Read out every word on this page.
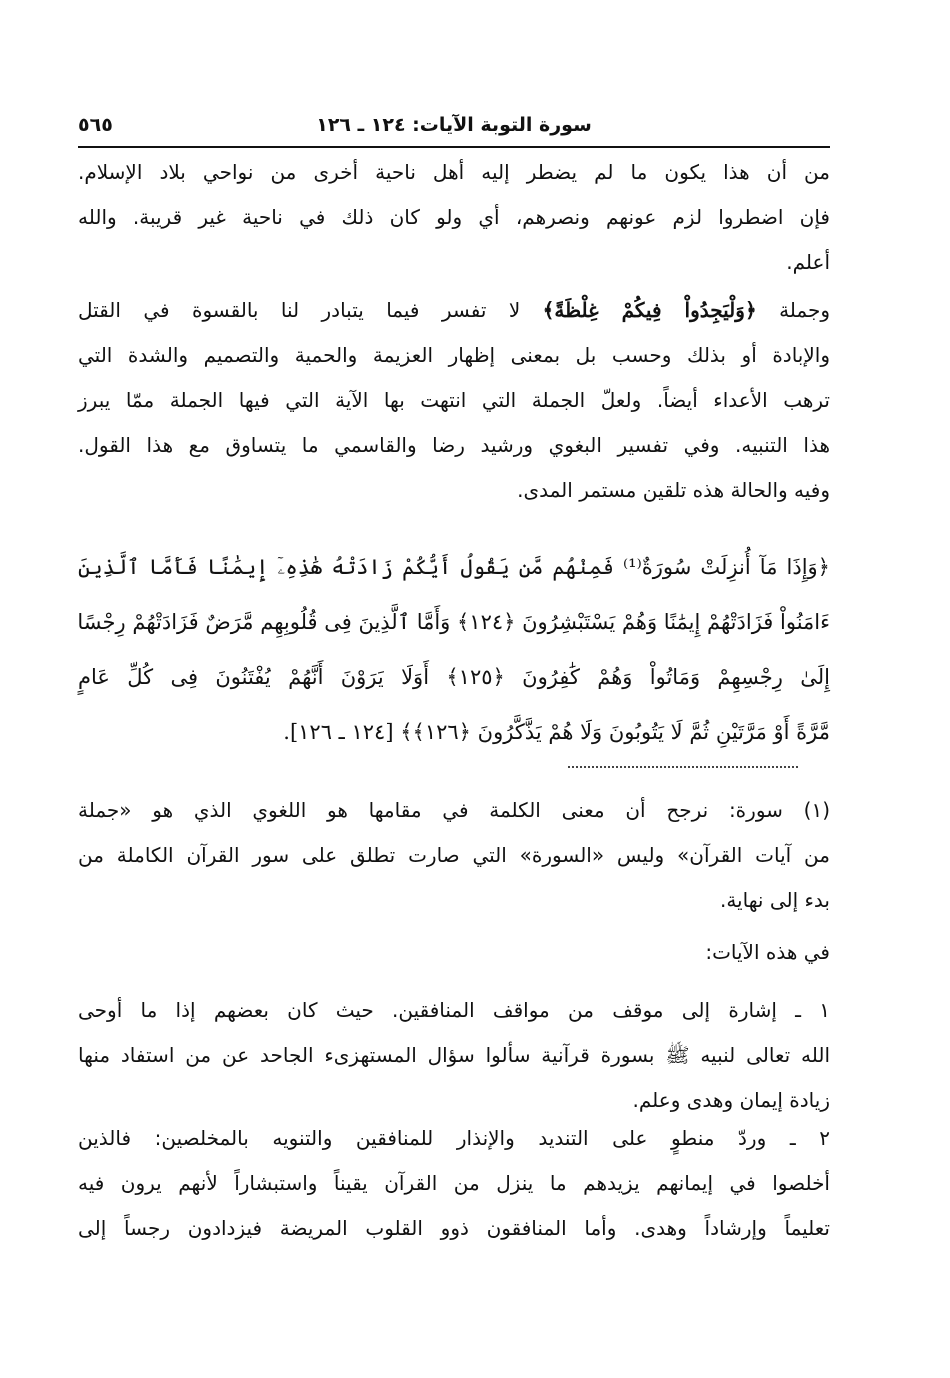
سورة التوبة الآيات: ١٢٤ ـ ١٢٦
٥٦٥
من أن هذا يكون ما لم يضطر إليه أهل ناحية أخرى من نواحي بلاد الإسلام.
فإن اضطروا لزم عونهم ونصرهم، أي ولو كان ذلك في ناحية غير قريبة. والله
أعلم.
وجملة ﴿وَلْيَجِدُواْ فِيكُمْ غِلْظَةً﴾ لا تفسر فيما يتبادر لنا بالقسوة في القتل
والإبادة أو بذلك وحسب بل بمعنى إظهار العزيمة والحمية والتصميم والشدة التي
ترهب الأعداء أيضاً. ولعلّ الجملة التي انتهت بها الآية التي فيها الجملة ممّا يبرز
هذا التنبيه. وفي تفسير البغوي ورشيد رضا والقاسمي ما يتساوق مع هذا القول.
وفيه والحالة هذه تلقين مستمر المدى.
﴿وَإِذَا مَآ أُنزِلَتْ سُورَةٌ⁽¹⁾ فَمِنْهُم مَّن يَقُولُ أَيُّكُمْ زَادَتْهُ هَٰذِهِۦٓ إِيمَٰنًا فَأَمَّا ٱلَّذِينَ
ءَامَنُواْ فَزَادَتْهُمْ إِيمَٰنًا وَهُمْ يَسْتَبْشِرُونَ ﴿١٢٤﴾ وَأَمَّا ٱلَّذِينَ فِى قُلُوبِهِم مَّرَضٌ فَزَادَتْهُمْ رِجْسًا
إِلَىٰ رِجْسِهِمْ وَمَاتُواْ وَهُمْ كَٰفِرُونَ ﴿١٢٥﴾ أَوَلَا يَرَوْنَ أَنَّهُمْ يُفْتَنُونَ فِى كُلِّ عَامٍ
مَّرَّةً أَوْ مَرَّتَيْنِ ثُمَّ لَا يَتُوبُونَ وَلَا هُمْ يَذَّكَّرُونَ ﴿١٢٦﴾﴾ [١٢٤ ـ ١٢٦].
(١) سورة: نرجح أن معنى الكلمة في مقامها هو اللغوي الذي هو «جملة
من آيات القرآن» وليس «السورة» التي صارت تطلق على سور القرآن الكاملة من
بدء إلى نهاية.
في هذه الآيات:
١ ـ إشارة إلى موقف من مواقف المنافقين. حيث كان بعضهم إذا ما أوحى
الله تعالى لنبيه ﷺ بسورة قرآنية سألوا سؤال المستهزىء الجاحد عن من استفاد منها
زيادة إيمان وهدى وعلم.
٢ ـ وردّ منطوٍ على التنديد والإنذار للمنافقين والتنويه بالمخلصين: فالذين
أخلصوا في إيمانهم يزيدهم ما ينزل من القرآن يقيناً واستبشاراً لأنهم يرون فيه
تعليماً وإرشاداً وهدى. وأما المنافقون ذوو القلوب المريضة فيزدادون رجساً إلى
